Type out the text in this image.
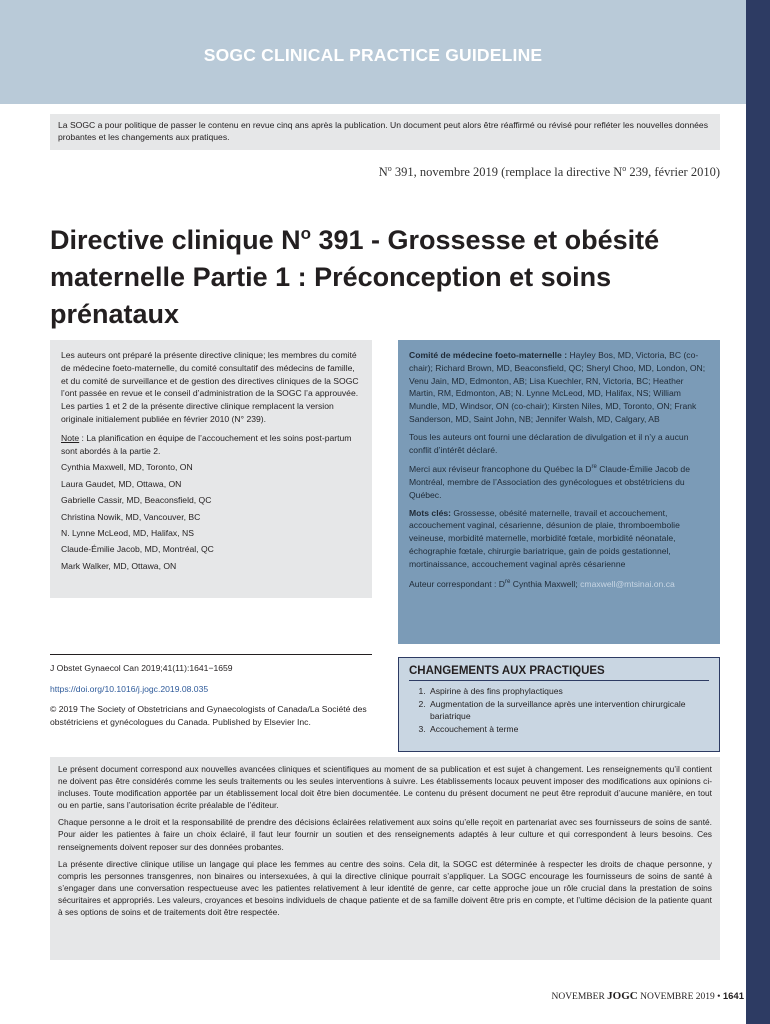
SOGC CLINICAL PRACTICE GUIDELINE
La SOGC a pour politique de passer le contenu en revue cinq ans après la publication. Un document peut alors être réaffirmé ou révisé pour refléter les nouvelles données probantes et les changements aux pratiques.
$N^o$ 391, novembre 2019 (remplace la directive $N^o$ 239, février 2010)
Directive clinique $N^o$ 391 - Grossesse et obésité maternelle Partie 1 : Préconception et soins prénataux

Les auteurs ont préparé la présente directive clinique; les membres du comité de médecine foeto-maternelle, du comité consultatif des médecins de famille, et du comité de surveillance et de gestion des directives cliniques de la SOGC l’ont passée en revue et le conseil d’administration de la SOGC l’a approuvée. Les parties 1 et 2 de la présente directive clinique remplacent la version originale initialement publiée en février 2010 (N° 239).

Note : La planification en équipe de l’accouchement et les soins post-partum sont abordés à la partie 2.

Cynthia Maxwell, MD, Toronto, ON
Laura Gaudet, MD, Ottawa, ON
Gabrielle Cassir, MD, Beaconsfield, QC
Christina Nowik, MD, Vancouver, BC
N. Lynne McLeod, MD, Halifax, NS
Claude-Émilie Jacob, MD, Montréal, QC
Mark Walker, MD, Ottawa, ON

Comité de médecine foeto-maternelle : Hayley Bos, MD, Victoria, BC (co-chair); Richard Brown, MD, Beaconsfield, QC; Sheryl Choo, MD, London, ON; Venu Jain, MD, Edmonton, AB; Lisa Kuechler, RN, Victoria, BC; Heather Martin, RM, Edmonton, AB; N. Lynne McLeod, MD, Halifax, NS; William Mundle, MD, Windsor, ON (co-chair); Kirsten Niles, MD, Toronto, ON; Frank Sanderson, MD, Saint John, NB; Jennifer Walsh, MD, Calgary, AB

Tous les auteurs ont fourni une déclaration de divulgation et il n’y a aucun conflit d’intérêt déclaré.

Merci aux réviseur francophone du Québec la Dre Claude-Émilie Jacob de Montréal, membre de l’Association des gynécologues et obstétriciens du Québec.

Mots clés: Grossesse, obésité maternelle, travail et accouchement, accouchement vaginal, césarienne, désunion de plaie, thromboembolie veineuse, morbidité maternelle, morbidité fœtale, morbidité néonatale, échographie fœtale, chirurgie bariatrique, gain de poids gestationnel, mortinaissance, accouchement vaginal après césarienne

Auteur correspondant : Dre Cynthia Maxwell; cmaxwell@mtsinai.on.ca

J Obstet Gynaecol Can 2019;41(11):1641−1659

https://doi.org/10.1016/j.jogc.2019.08.035

© 2019 The Society of Obstetricians and Gynaecologists of Canada/La Société des obstétriciens et gynécologues du Canada. Published by Elsevier Inc.

CHANGEMENTS AUX PRACTIQUES
1. Aspirine à des fins prophylactiques
2. Augmentation de la surveillance après une intervention chirurgicale bariatrique
3. Accouchement à terme

Le présent document correspond aux nouvelles avancées cliniques et scientifiques au moment de sa publication et est sujet à changement. Les renseignements qu’il contient ne doivent pas être considérés comme les seuls traitements ou les seules interventions à suivre. Les établissements locaux peuvent imposer des modifications aux opinions ci-incluses. Toute modification apportée par un établissement local doit être bien documentée. Le contenu du présent document ne peut être reproduit d’aucune manière, en tout ou en partie, sans l’autorisation écrite préalable de l’éditeur.

Chaque personne a le droit et la responsabilité de prendre des décisions éclairées relativement aux soins qu’elle reçoit en partenariat avec ses fournisseurs de soins de santé. Pour aider les patientes à faire un choix éclairé, il faut leur fournir un soutien et des renseignements adaptés à leur culture et qui correspondent à leurs besoins. Ces renseignements doivent reposer sur des données probantes.

La présente directive clinique utilise un langage qui place les femmes au centre des soins. Cela dit, la SOGC est déterminée à respecter les droits de chaque personne, y compris les personnes transgenres, non binaires ou intersexuées, à qui la directive clinique pourrait s’appliquer. La SOGC encourage les fournisseurs de soins de santé à s’engager dans une conversation respectueuse avec les patientes relativement à leur identité de genre, car cette approche joue un rôle crucial dans la prestation de soins sécuritaires et appropriés. Les valeurs, croyances et besoins individuels de chaque patiente et de sa famille doivent être pris en compte, et l’ultime décision de la patiente quant à ses options de soins et de traitements doit être respectée.

NOVEMBER JOGC NOVEMBRE 2019 • 1641
